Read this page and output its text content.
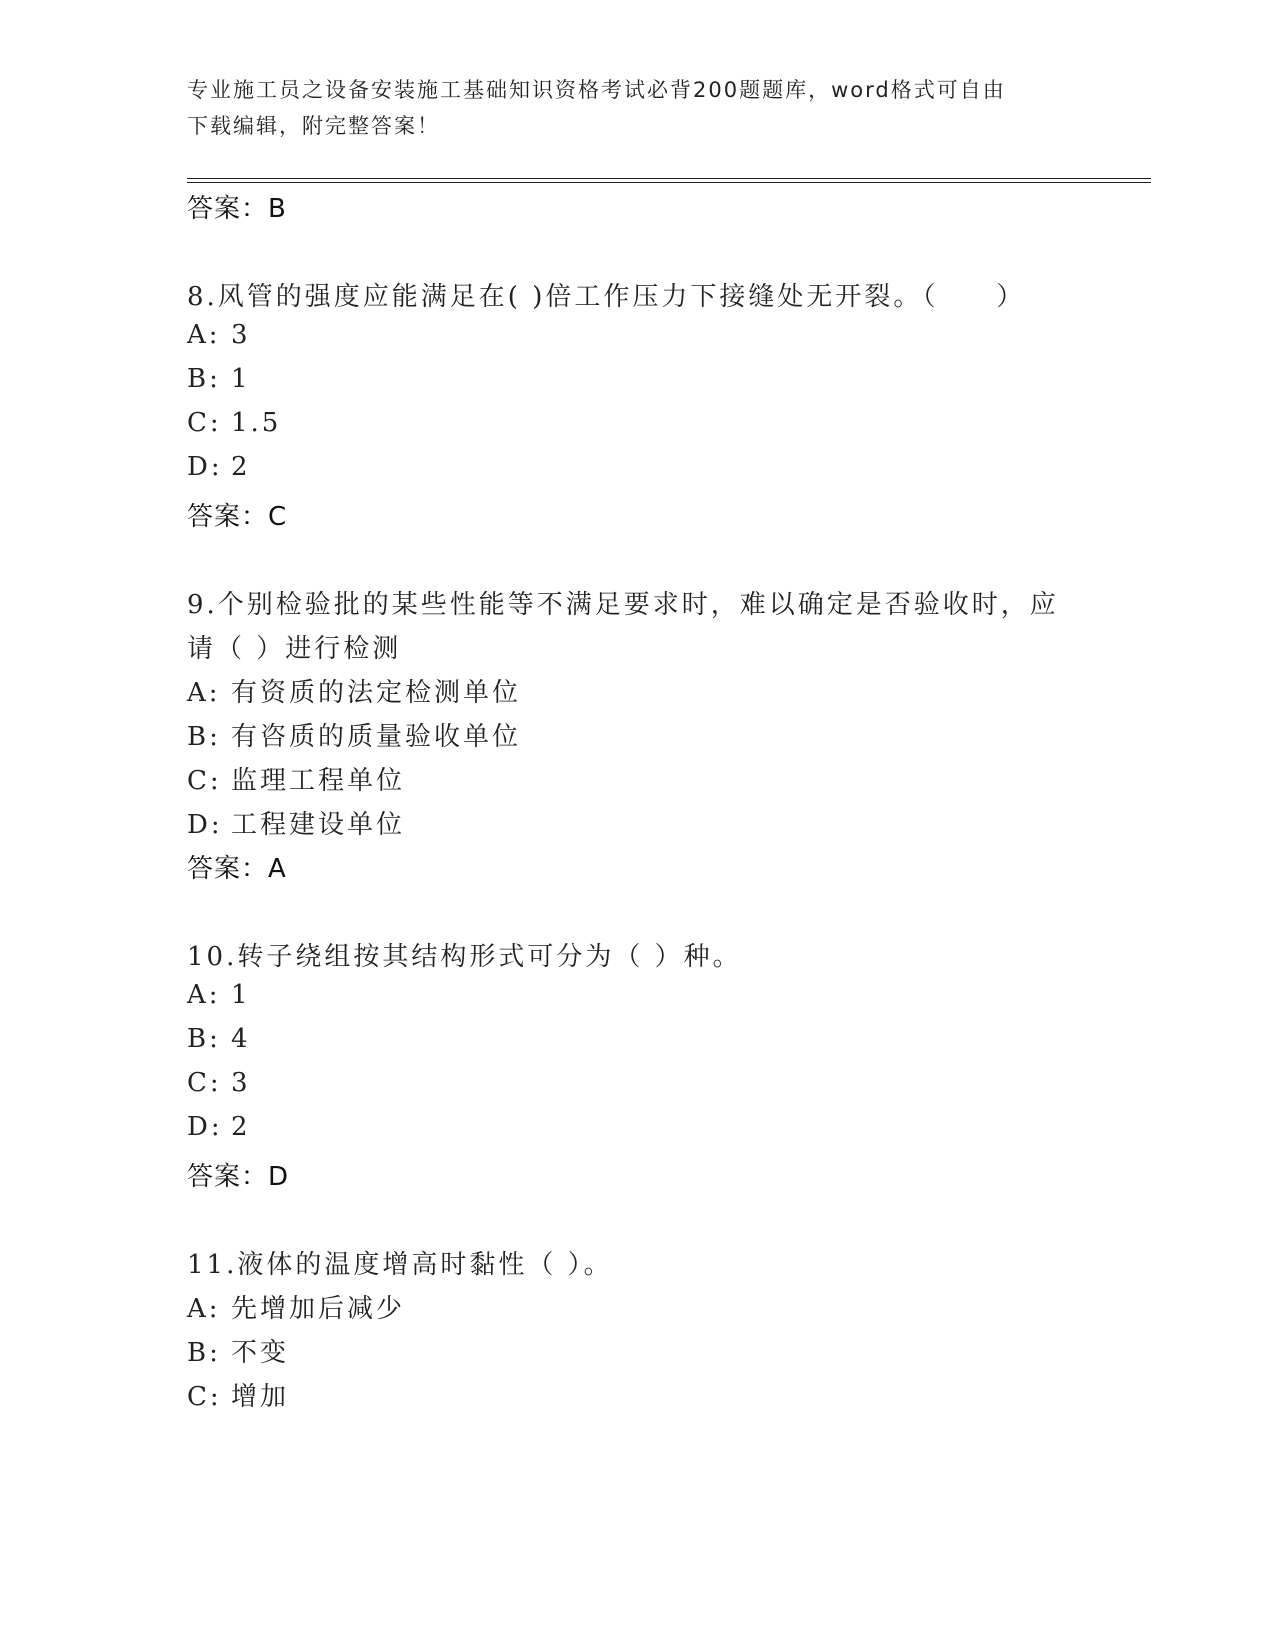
专业施工员之设备安装施工基础知识资格考试必背200题题库，word格式可自由
下载编辑，附完整答案！
答案：B
8.风管的强度应能满足在( )倍工作压力下接缝处无开裂。（　　）
A: 3
B: 1
C: 1.5
D: 2
答案：C
9.个别检验批的某些性能等不满足要求时，难以确定是否验收时，应
请（ ）进行检测
A: 有资质的法定检测单位
B: 有咨质的质量验收单位
C: 监理工程单位
D: 工程建设单位
答案：A
10.转子绕组按其结构形式可分为（ ）种。
A: 1
B: 4
C: 3
D: 2
答案：D
11.液体的温度增高时黏性（ ）。
A: 先增加后减少
B: 不变
C: 增加
